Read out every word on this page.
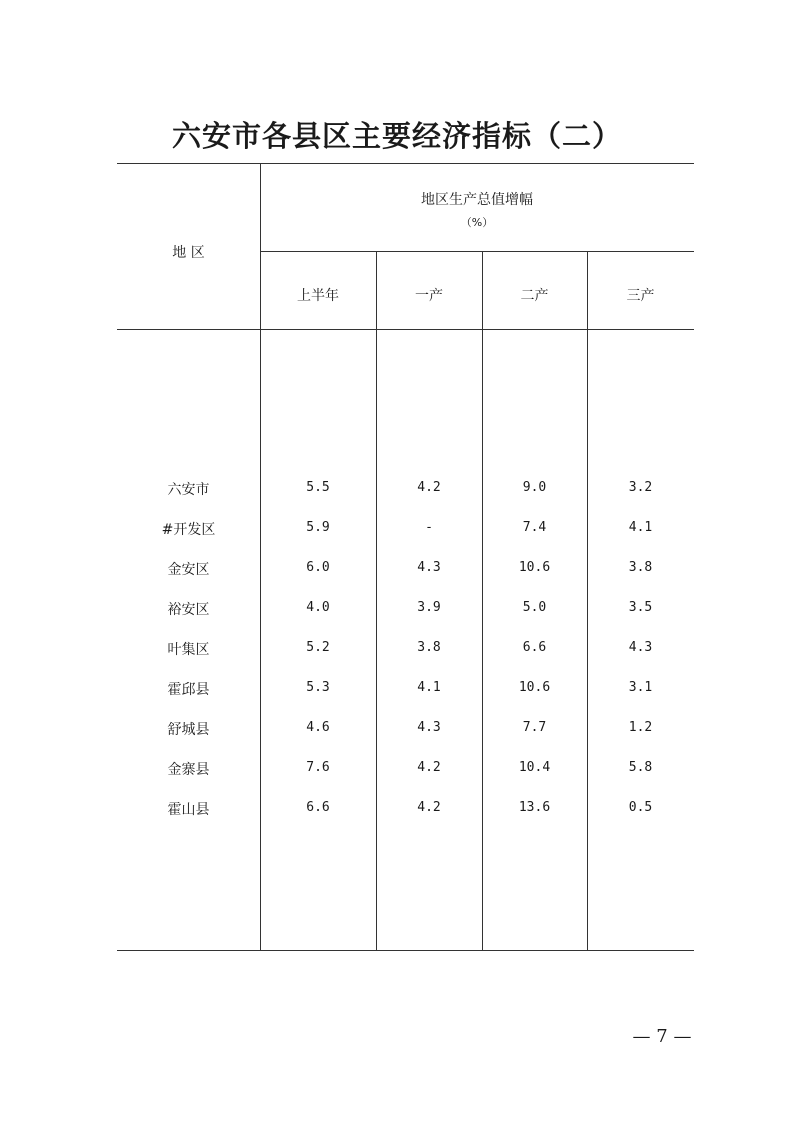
六安市各县区主要经济指标（二）
地 区
地区生产总值增幅
（%）
上半年	一产	二产	三产
六安市	5.5	4.2	9.0	3.2
#开发区	5.9	-	7.4	4.1
金安区	6.0	4.3	10.6	3.8
裕安区	4.0	3.9	5.0	3.5
叶集区	5.2	3.8	6.6	4.3
霍邱县	5.3	4.1	10.6	3.1
舒城县	4.6	4.3	7.7	1.2
金寨县	7.6	4.2	10.4	5.8
霍山县	6.6	4.2	13.6	0.5
— 7 —
